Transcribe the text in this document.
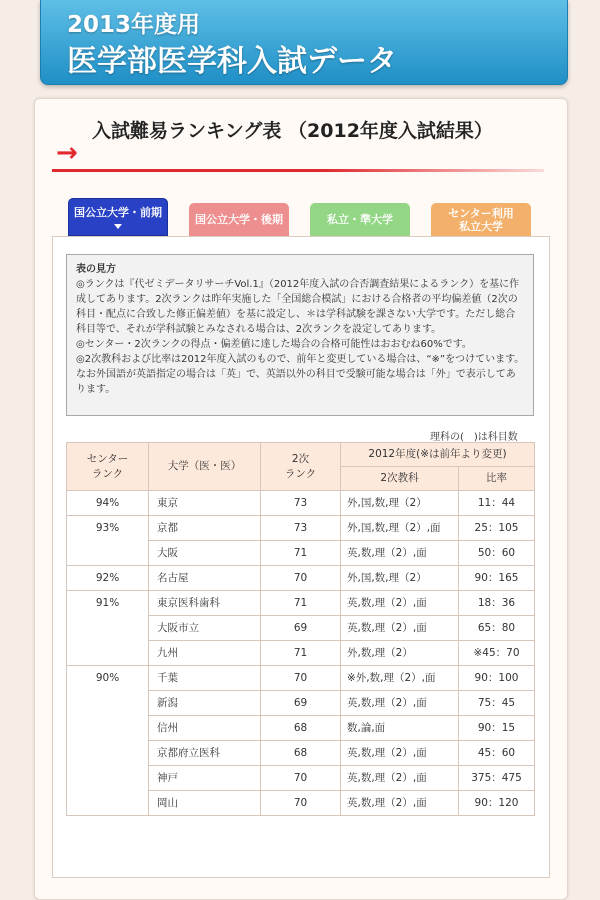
2013年度用
医学部医学科入試データ
→
入試難易ランキング表 （2012年度入試結果）
国公立大学・前期
国公立大学・後期	私立・準大学	センター利用
私立大学

表の見方

◎ランクは『代ゼミデータリサーチVol.1』（2012年度入試の合否調査結果によるランク）を基に作成してあります。2次ランクは昨年実施した「全国総合模試」における合格者の平均偏差値（2次の科目・配点に合致した修正偏差値）を基に設定し、＊は学科試験を課さない大学です。ただし総合科目等で、それが学科試験とみなされる場合は、2次ランクを設定してあります。

◎センター・2次ランクの得点・偏差値に達した場合の合格可能性はおおむね60%です。

◎2次教科および比率は2012年度入試のもので、前年と変更している場合は、“※”をつけています。なお外国語が英語指定の場合は「英」で、英語以外の科目で受験可能な場合は「外」で表示してあります。

理科の(　)は科目数
センター
ランク	大学（医・医）	2次
ランク	2012年度(※は前年より変更)	
			2次教科	比率
94%	東京	73	外,国,数,理（2）	11：44
93%	京都	73	外,国,数,理（2）,面	25：105
	大阪	71	英,数,理（2）,面	50：60
92%	名古屋	70	外,国,数,理（2）	90：165
91%	東京医科歯科	71	英,数,理（2）,面	18：36
	大阪市立	69	英,数,理（2）,面	65：80
	九州	71	外,数,理（2）	※45：70
90%	千葉	70	※外,数,理（2）,面	90：100
	新潟	69	英,数,理（2）,面	75：45
	信州	68	数,論,面	90：15
	京都府立医科	68	英,数,理（2）,面	45：60
	神戸	70	英,数,理（2）,面	375：475
	岡山	70	英,数,理（2）,面	90：120
